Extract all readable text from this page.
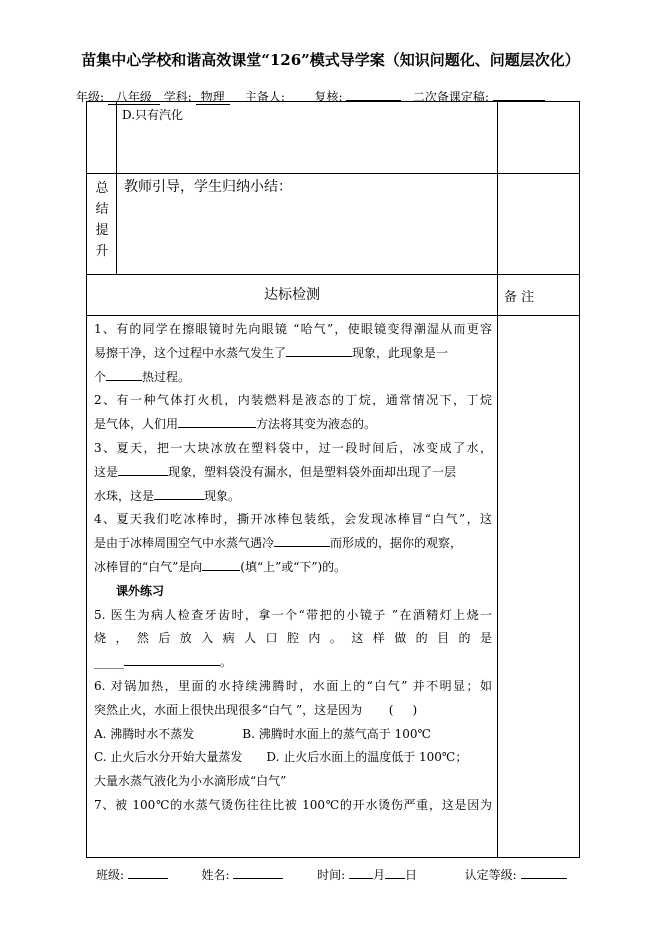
苗集中心学校和谐高效课堂“126”模式导学案（知识问题化、问题层次化）
年级: 八年级 学科: 物理 主备人: 复核:	二次备课定稿:
D.只有汽化
总
结
提
升
教师引导，学生归纳小结：
达标检测	备 注

1、有的同学在擦眼镜时先向眼镜 “哈气”，使眼镜变得潮湿从而更容

易擦干净，这个过程中水蒸气发生了	现象，此现象是一

个	热过程。

2、有一种气体打火机，内装燃料是液态的丁烷，通常情况下，丁烷

是气体，人们用	方法将其变为液态的。

3、夏天，把一大块冰放在塑料袋中，过一段时间后，冰变成了水，

这是	现象，塑料袋没有漏水，但是塑料袋外面却出现了一层

水珠，这是	现象。

4、夏天我们吃冰棒时，撕开冰棒包装纸，会发现冰棒冒“白气”，这

是由于冰棒周围空气中水蒸气遇冷	而形成的，据你的观察，

冰棒冒的“白气”是向	(填“上”或“下”)的。

课外练习

5. 医生为病人检查牙齿时，拿一个“带把的小镜子 ”在酒精灯上烧一

烧，然后放入病人口腔内。这样做的目的是

_____	。

6. 对锅加热，里面的水持续沸腾时，水面上的“白气” 并不明显；如

突然止火，水面上很快出现很多“白气 ”，这是因为       (     )

A. 沸腾时水不蒸发	B. 沸腾时水面上的蒸气高于 100℃

C. 止火后水分开始大量蒸发 D. 止火后水面上的温度低于 100℃；

大量水蒸气液化为小水滴形成“白气”

7、被 100℃的水蒸气烫伤往往比被 100℃的开水烫伤严重，这是因为

班级:	姓名:	时间: 月 日	认定等级:
